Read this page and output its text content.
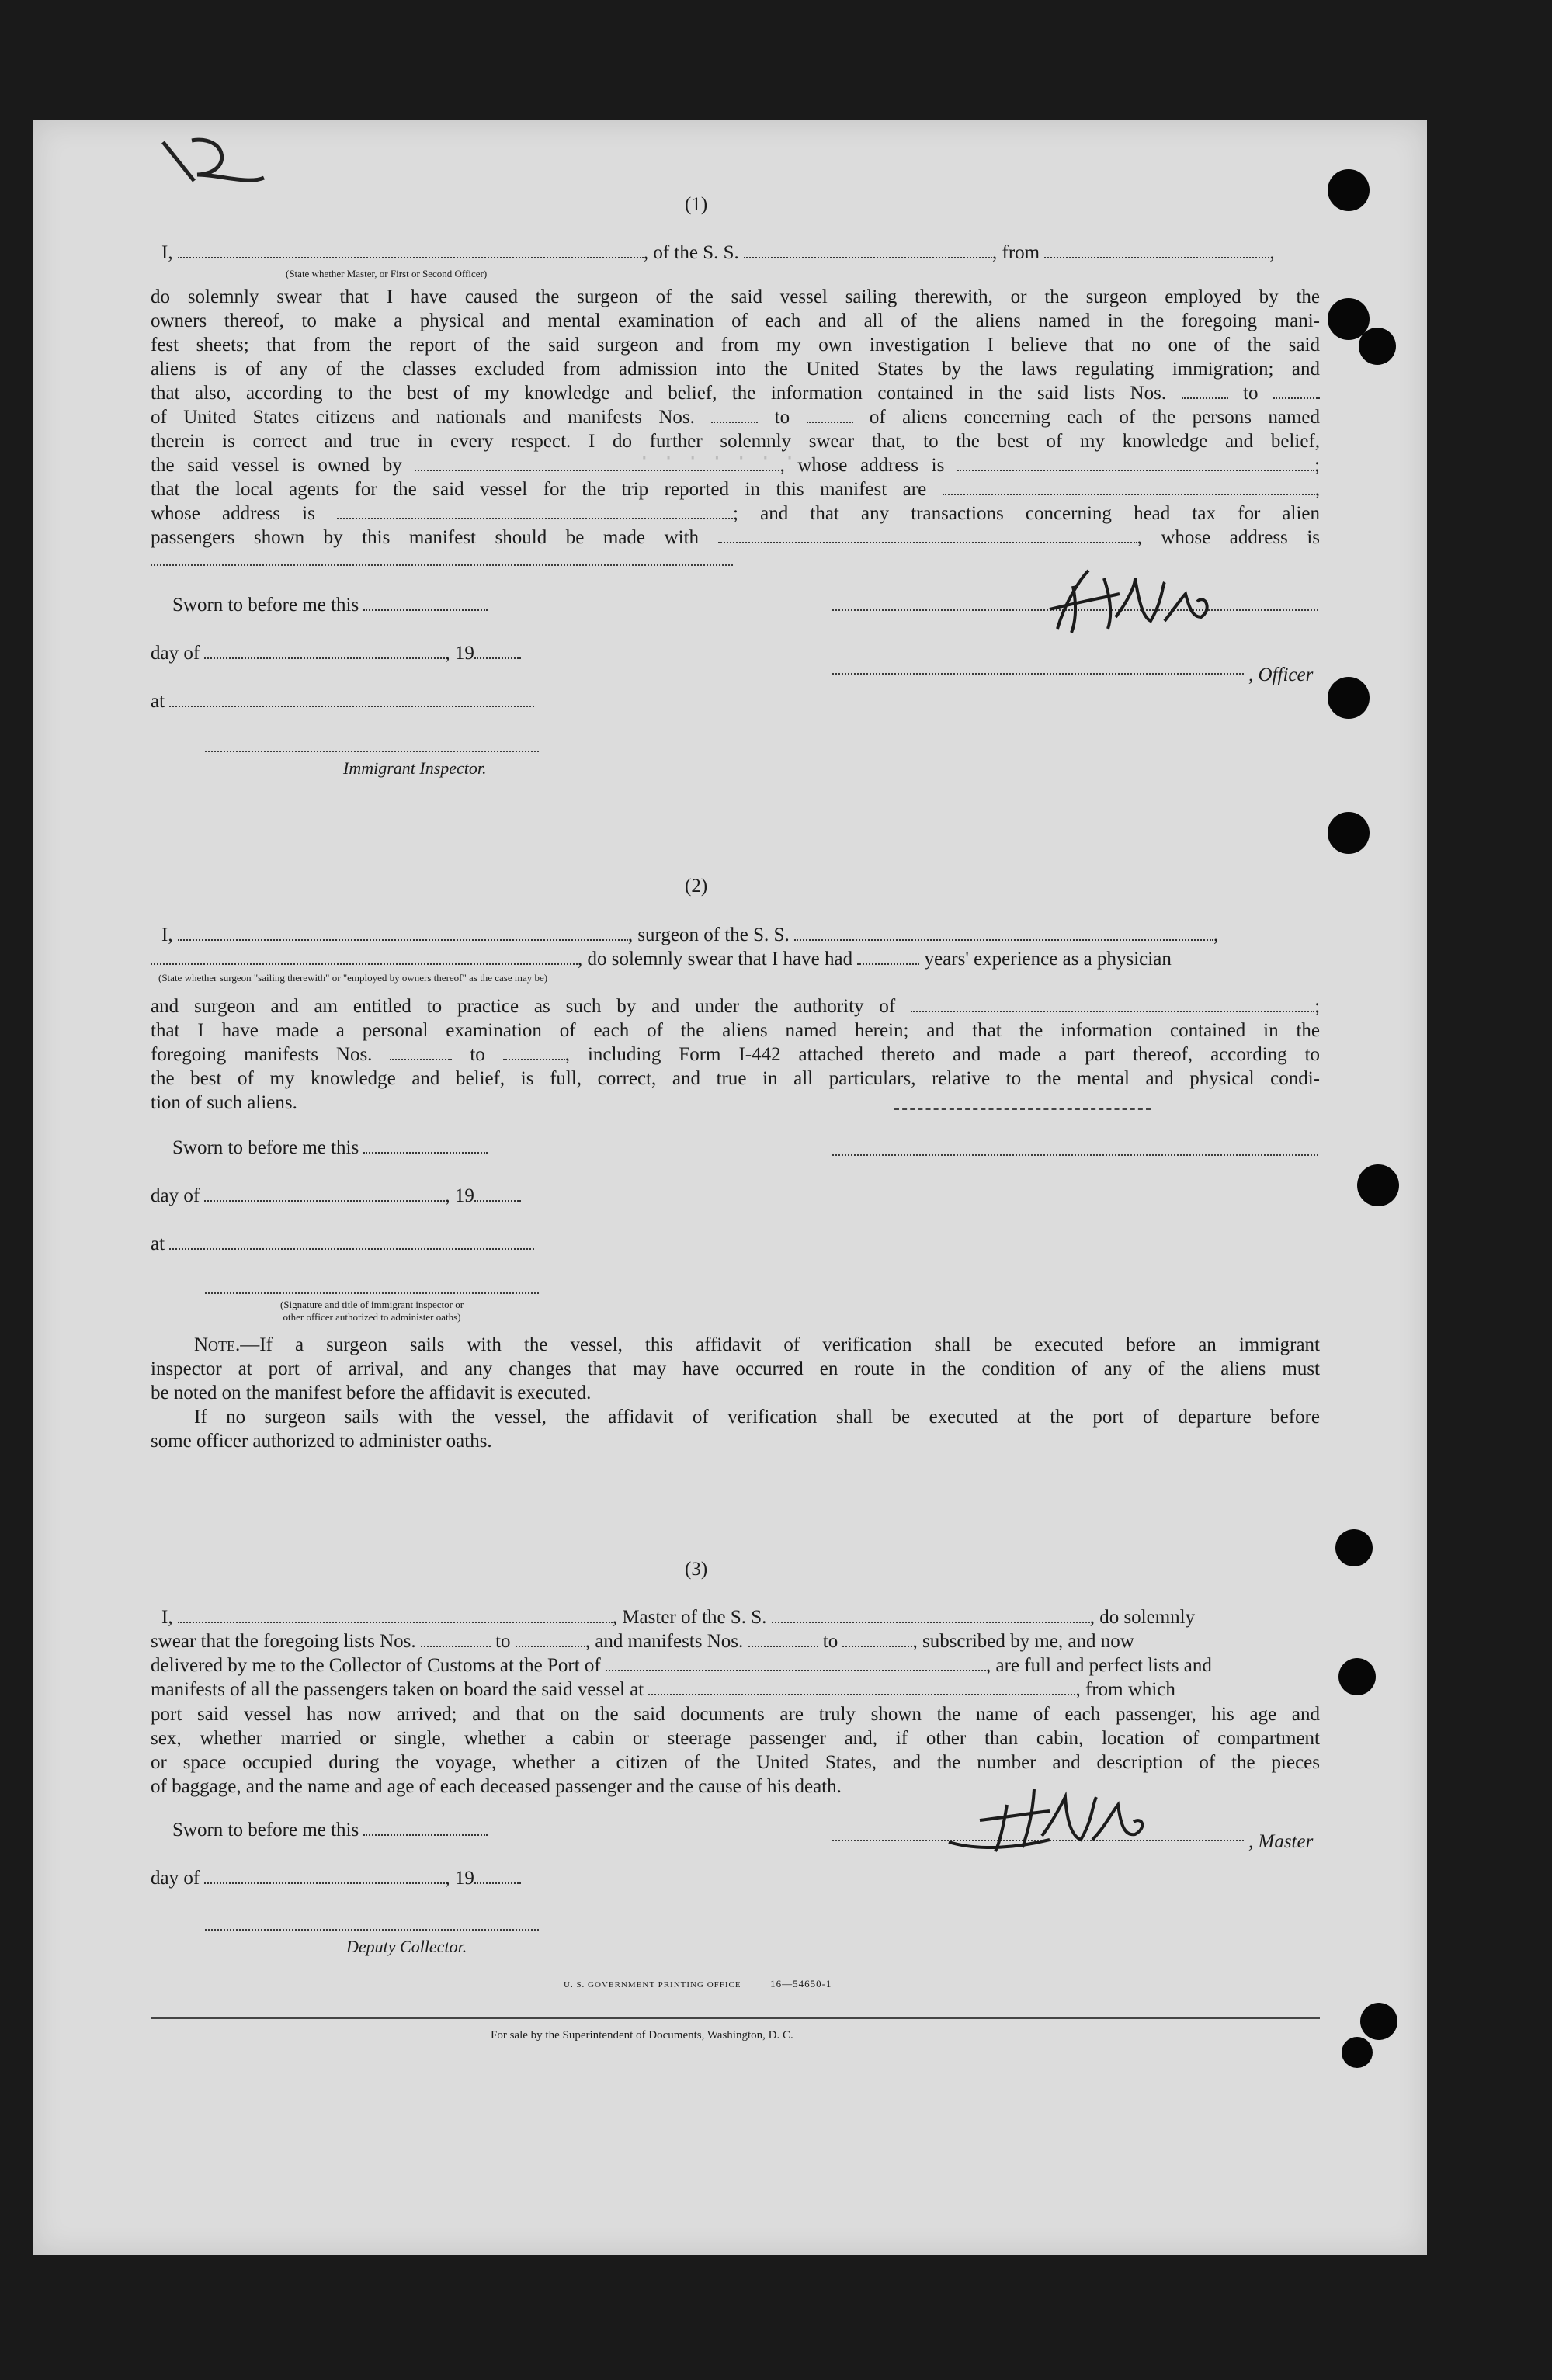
· · · · · · · ·
(1)
I,	, of the S. S.	, from	,
(State whether Master, or First or Second Officer)
do solemnly swear that I have caused the surgeon of the said vessel sailing therewith, or the surgeon employed by the
owners thereof, to make a physical and mental examination of each and all of the aliens named in the foregoing mani-
fest sheets; that from the report of the said surgeon and from my own investigation I believe that no one of the said
aliens is of any of the classes excluded from admission into the United States by the laws regulating immigration; and
that also, according to the best of my knowledge and belief, the information contained in the said lists Nos.	to
of United States citizens and nationals and manifests Nos.	to	of aliens concerning each of the persons named
therein is correct and true in every respect. I do further solemnly swear that, to the best of my knowledge and belief,
the said vessel is owned by	, whose address is	;
that the local agents for the said vessel for the trip reported in this manifest are	,
whose address is	; and that any transactions concerning head tax for alien
passengers shown by this manifest should be made with	, whose address is
Sworn to before me this
day of	, 19
at
Immigrant Inspector.
, Officer
(2)
I,	, surgeon of the S. S.	,
, do solemnly swear that I have had	years' experience as a physician
(State whether surgeon "sailing therewith" or "employed by owners thereof" as the case may be)
and surgeon and am entitled to practice as such by and under the authority of	;
that I have made a personal examination of each of the aliens named herein; and that the information contained in the
foregoing manifests Nos.	to	, including Form I-442 attached thereto and made a part thereof, according to
the best of my knowledge and belief, is full, correct, and true in all particulars, relative to the mental and physical condi-
tion of such aliens.
Sworn to before me this
day of	, 19
at
(Signature and title of immigrant inspector or
other officer authorized to administer oaths)
Note.—If a surgeon sails with the vessel, this affidavit of verification shall be executed before an immigrant
inspector at port of arrival, and any changes that may have occurred en route in the condition of any of the aliens must
be noted on the manifest before the affidavit is executed.
If no surgeon sails with the vessel, the affidavit of verification shall be executed at the port of departure before
some officer authorized to administer oaths.
(3)
I,	, Master of the S. S.	, do solemnly
swear that the foregoing lists Nos.	to	, and manifests Nos.	to	, subscribed by me, and now
delivered by me to the Collector of Customs at the Port of	, are full and perfect lists and
manifests of all the passengers taken on board the said vessel at	, from which
port said vessel has now arrived; and that on the said documents are truly shown the name of each passenger, his age and
sex, whether married or single, whether a cabin or steerage passenger and, if other than cabin, location of compartment
or space occupied during the voyage, whether a citizen of the United States, and the number and description of the pieces
of baggage, and the name and age of each deceased passenger and the cause of his death.
Sworn to before me this
day of	, 19
Deputy Collector.
, Master
U. S. GOVERNMENT PRINTING OFFICE	16—54650-1
For sale by the Superintendent of Documents, Washington, D. C.
